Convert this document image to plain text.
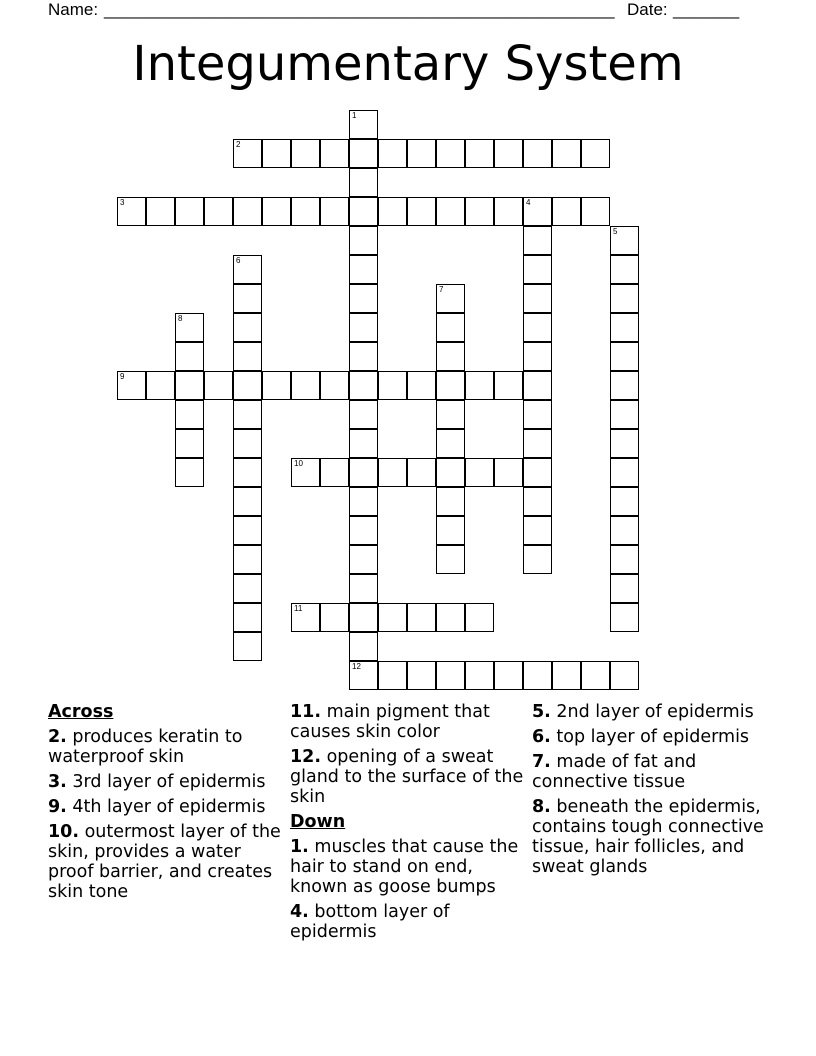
Name: ______________________________________________________ Date: _______
Integumentary System
1
12
2
3	4
5
6
7
8
9
10
11
Across
2. produces keratin to waterproof skin
3. 3rd layer of epidermis
9. 4th layer of epidermis
10. outermost layer of the skin, provides a water proof barrier, and creates skin tone
11. main pigment that causes skin color
12. opening of a sweat gland to the surface of the skin
Down
1. muscles that cause the hair to stand on end, known as goose bumps
4. bottom layer of epidermis
5. 2nd layer of epidermis
6. top layer of epidermis
7. made of fat and connective tissue
8. beneath the epidermis, contains tough connective tissue, hair follicles, and sweat glands
